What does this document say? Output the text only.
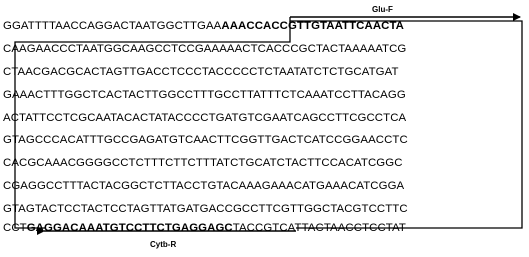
Glu-F
GGATTTTAACCAGGACTAATGGCTTGAAAAACCACCGTTGTAATTCAACTA
CAAGAACCCTAATGGCAAGCCTCCGAAAAACTCACCCGCTACTAAAAATCG
CTAACGACGCACTAGTTGACCTCCCTACCCCCTCTAATATCTCTGCATGAT
GAAACTTTGGCTCACTACTTGGCCTTTGCCTTATTTCTCAAATCCTTACAGG
ACTATTCCTCGCAATACACTATACCCCTGATGTCGAATCAGCCTTCGCCTCA
GTAGCCCACATTTGCCGAGATGTCAACTTCGGTTGACTCATCCGGAACCTC
CACGCAAACGGGGCCTCTTTCTTCTTTATCTGCATCTACTTCCACATCGGC
CGAGGCCTTTACTACGGCTCTTACCTGTACAAAGAAACATGAAACATCGGA
GTAGTACTCCTACTCCTAGTTATGATGACCGCCTTCGTTGGCTACGTCCTTC
CCTGAGGACAAATGTCCTTCTGAGGAGCTACCGTCATTACTAACCTCCTAT
Cytb-R
